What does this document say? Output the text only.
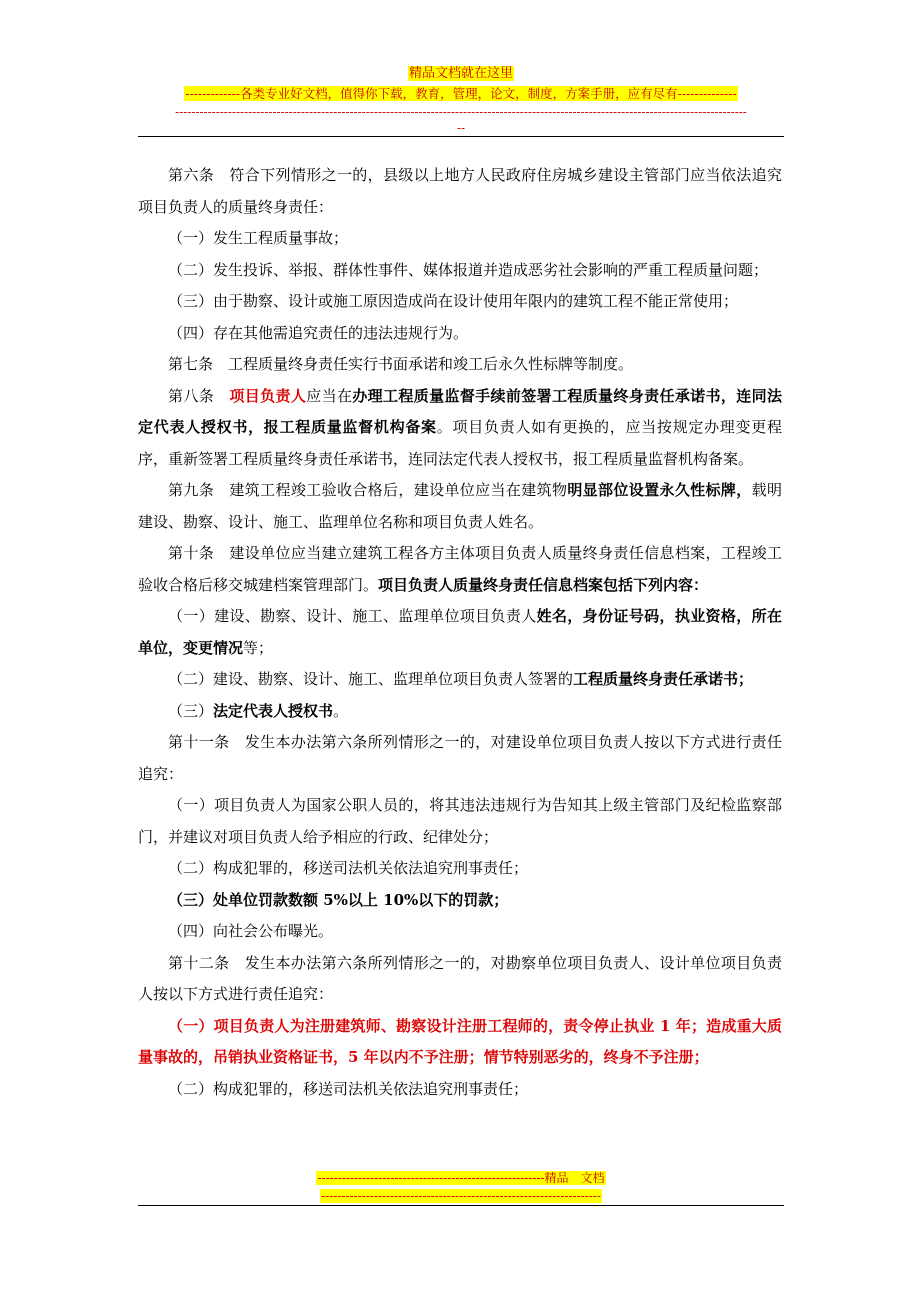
精品文档就在这里
-------------各类专业好文档，值得你下载，教育，管理，论文，制度，方案手册，应有尽有--------------
---------------------------------------------------------------------------------------------------------------------------------------------
--

第六条 符合下列情形之一的，县级以上地方人民政府住房城乡建设主管部门应当依法追究项目负责人的质量终身责任：

（一）发生工程质量事故；

（二）发生投诉、举报、群体性事件、媒体报道并造成恶劣社会影响的严重工程质量问题；

（三）由于勘察、设计或施工原因造成尚在设计使用年限内的建筑工程不能正常使用；

（四）存在其他需追究责任的违法违规行为。

第七条 工程质量终身责任实行书面承诺和竣工后永久性标牌等制度。

第八条 项目负责人应当在办理工程质量监督手续前签署工程质量终身责任承诺书，连同法定代表人授权书，报工程质量监督机构备案。项目负责人如有更换的，应当按规定办理变更程序，重新签署工程质量终身责任承诺书，连同法定代表人授权书，报工程质量监督机构备案。

第九条 建筑工程竣工验收合格后，建设单位应当在建筑物明显部位设置永久性标牌，载明建设、勘察、设计、施工、监理单位名称和项目负责人姓名。

第十条 建设单位应当建立建筑工程各方主体项目负责人质量终身责任信息档案，工程竣工验收合格后移交城建档案管理部门。项目负责人质量终身责任信息档案包括下列内容：

（一）建设、勘察、设计、施工、监理单位项目负责人姓名，身份证号码，执业资格，所在单位，变更情况等；

（二）建设、勘察、设计、施工、监理单位项目负责人签署的工程质量终身责任承诺书；

（三）法定代表人授权书。

第十一条 发生本办法第六条所列情形之一的，对建设单位项目负责人按以下方式进行责任追究：

（一）项目负责人为国家公职人员的，将其违法违规行为告知其上级主管部门及纪检监察部门，并建议对项目负责人给予相应的行政、纪律处分；

（二）构成犯罪的，移送司法机关依法追究刑事责任；

（三）处单位罚款数额 5%以上 10%以下的罚款；

（四）向社会公布曝光。

第十二条 发生本办法第六条所列情形之一的，对勘察单位项目负责人、设计单位项目负责人按以下方式进行责任追究：

（一）项目负责人为注册建筑师、勘察设计注册工程师的，责令停止执业 1 年；造成重大质量事故的，吊销执业资格证书，5 年以内不予注册；情节特别恶劣的，终身不予注册；

（二）构成犯罪的，移送司法机关依法追究刑事责任；

--------------------------------------------------------精品　文档
---------------------------------------------------------------------
